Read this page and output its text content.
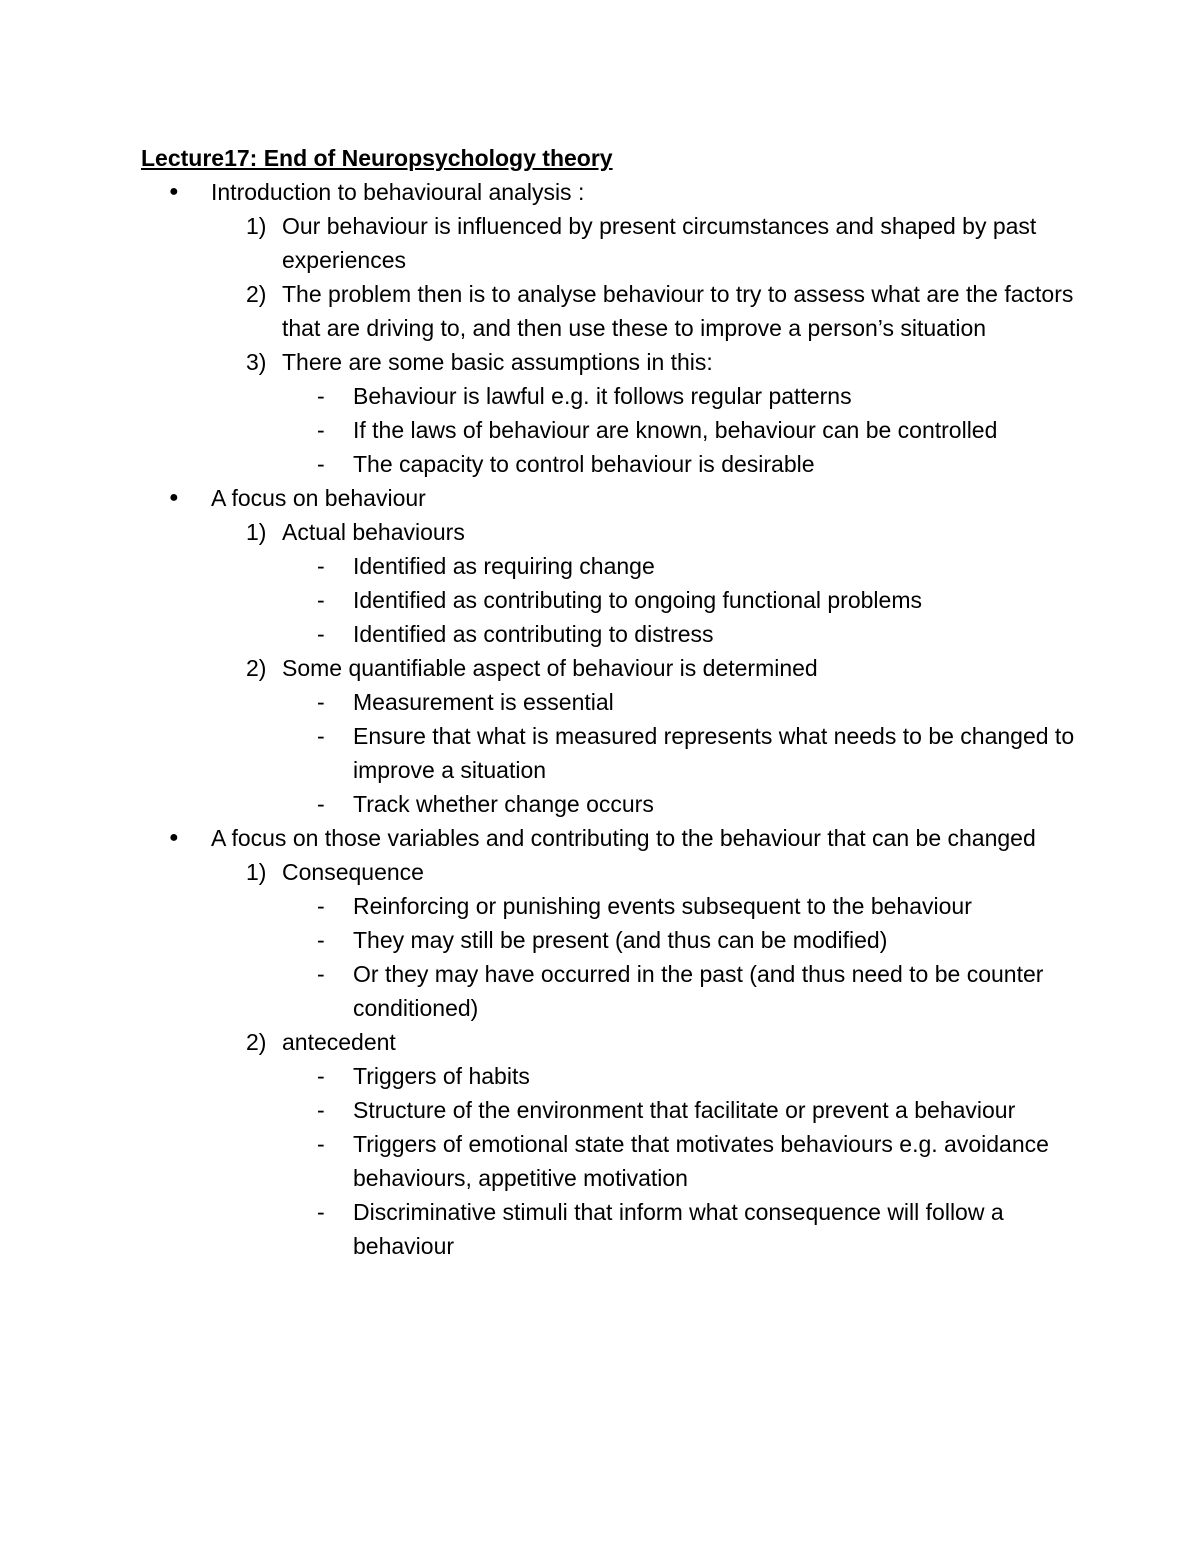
Lecture17: End of Neuropsychology theory
● Introduction to behavioural analysis :
1) Our behaviour is influenced by present circumstances and shaped by past experiences
2) The problem then is to analyse behaviour to try to assess what are the factors that are driving to, and then use these to improve a person’s situation
3) There are some basic assumptions in this:
- Behaviour is lawful e.g. it follows regular patterns
- If the laws of behaviour are known, behaviour can be controlled
- The capacity to control behaviour is desirable
● A focus on behaviour
1) Actual behaviours
- Identified as requiring change
- Identified as contributing to ongoing functional problems
- Identified as contributing to distress
2) Some quantifiable aspect of behaviour is determined
- Measurement is essential
- Ensure that what is measured represents what needs to be changed to improve a situation
- Track whether change occurs
● A focus on those variables and contributing to the behaviour that can be changed
1) Consequence
- Reinforcing or punishing events subsequent to the behaviour
- They may still be present (and thus can be modified)
- Or they may have occurred in the past (and thus need to be counter conditioned)
2) antecedent
- Triggers of habits
- Structure of the environment that facilitate or prevent a behaviour
- Triggers of emotional state that motivates behaviours e.g. avoidance behaviours, appetitive motivation
- Discriminative stimuli that inform what consequence will follow a behaviour
